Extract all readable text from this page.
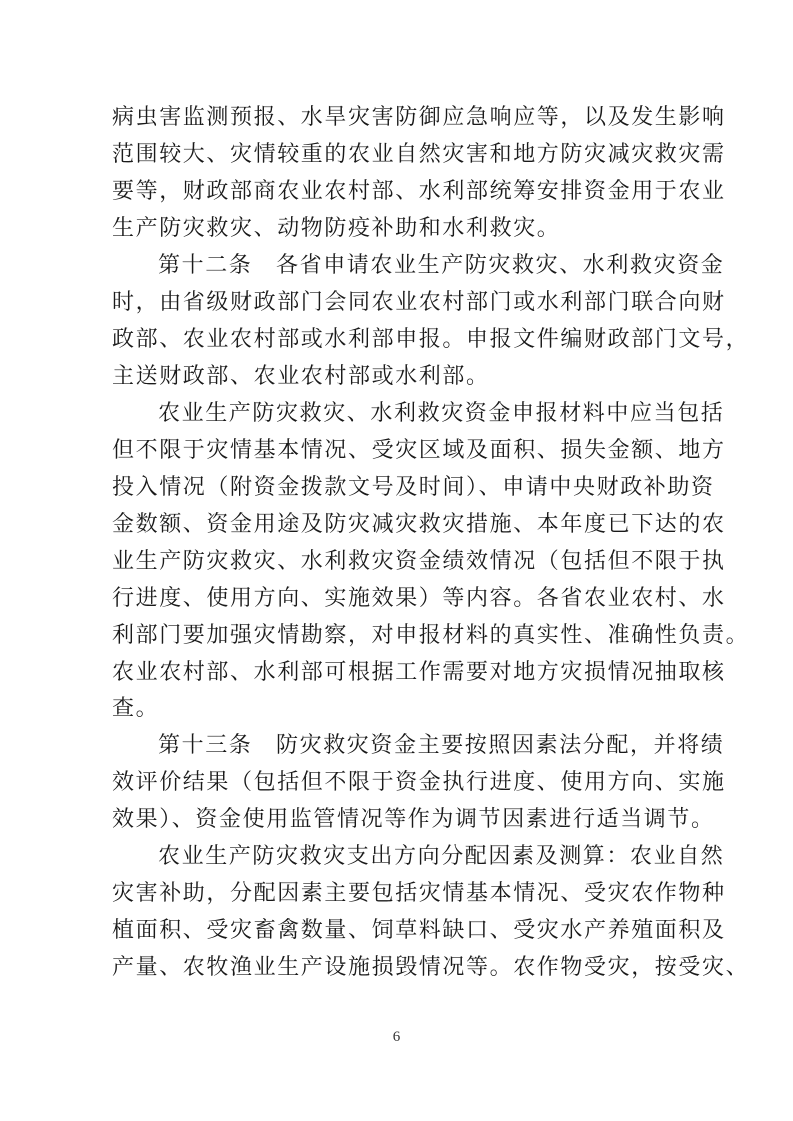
病虫害监测预报、水旱灾害防御应急响应等，以及发生影响
范围较大、灾情较重的农业自然灾害和地方防灾减灾救灾需
要等，财政部商农业农村部、水利部统筹安排资金用于农业
生产防灾救灾、动物防疫补助和水利救灾。
第十二条　各省申请农业生产防灾救灾、水利救灾资金
时，由省级财政部门会同农业农村部门或水利部门联合向财
政部、农业农村部或水利部申报。申报文件编财政部门文号，
主送财政部、农业农村部或水利部。
农业生产防灾救灾、水利救灾资金申报材料中应当包括
但不限于灾情基本情况、受灾区域及面积、损失金额、地方
投入情况（附资金拨款文号及时间）、申请中央财政补助资
金数额、资金用途及防灾减灾救灾措施、本年度已下达的农
业生产防灾救灾、水利救灾资金绩效情况（包括但不限于执
行进度、使用方向、实施效果）等内容。各省农业农村、水
利部门要加强灾情勘察，对申报材料的真实性、准确性负责。
农业农村部、水利部可根据工作需要对地方灾损情况抽取核
查。
第十三条　防灾救灾资金主要按照因素法分配，并将绩
效评价结果（包括但不限于资金执行进度、使用方向、实施
效果）、资金使用监管情况等作为调节因素进行适当调节。
农业生产防灾救灾支出方向分配因素及测算：农业自然
灾害补助，分配因素主要包括灾情基本情况、受灾农作物种
植面积、受灾畜禽数量、饲草料缺口、受灾水产养殖面积及
产量、农牧渔业生产设施损毁情况等。农作物受灾，按受灾、
6
